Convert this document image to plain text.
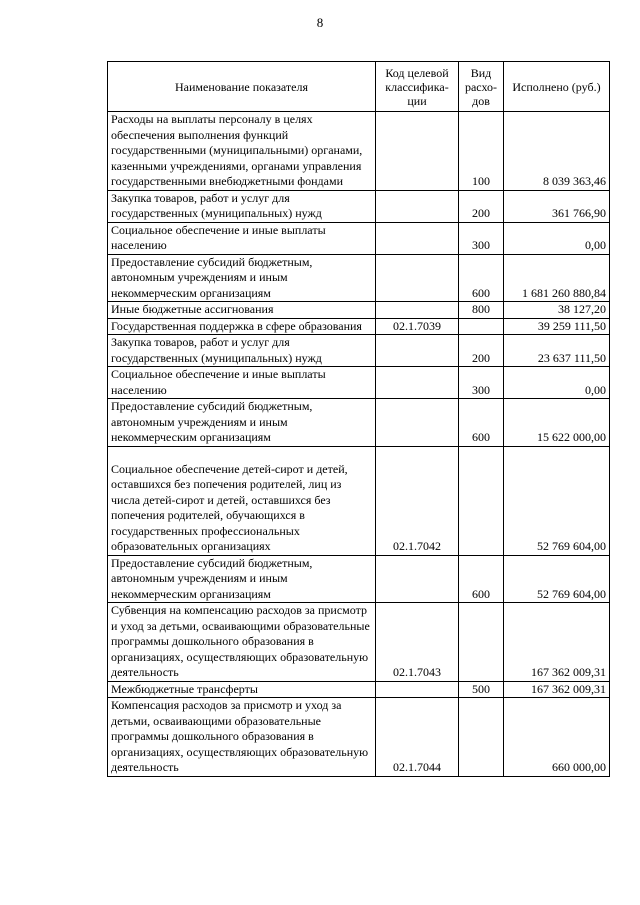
8
Наименование показателя	Код целевой классифика-ции	Вид расхо-дов	Исполнено (руб.)
Расходы на выплаты персоналу в целях обеспечения выполнения функций государственными (муниципальными) органами, казенными учреждениями, органами управления государственными внебюджетными фондами		100	8 039 363,46
Закупка товаров, работ и услуг для государственных (муниципальных) нужд		200	361 766,90
Социальное обеспечение и иные выплаты населению		300	0,00
Предоставление субсидий бюджетным, автономным учреждениям и иным некоммерческим организациям		600	1 681 260 880,84
Иные бюджетные ассигнования		800	38 127,20
Государственная поддержка в сфере образования	02.1.7039		39 259 111,50
Закупка товаров, работ и услуг для государственных (муниципальных) нужд		200	23 637 111,50
Социальное обеспечение и иные выплаты населению		300	0,00
Предоставление субсидий бюджетным, автономным учреждениям и иным некоммерческим организациям		600	15 622 000,00
Социальное обеспечение детей-сирот и детей, оставшихся без попечения родителей, лиц из числа детей-сирот и детей, оставшихся без попечения родителей, обучающихся в государственных профессиональных образовательных организациях	02.1.7042		52 769 604,00
Предоставление субсидий бюджетным, автономным учреждениям и иным некоммерческим организациям		600	52 769 604,00
Субвенция на компенсацию расходов за присмотр и уход за детьми, осваивающими образовательные программы дошкольного образования в организациях, осуществляющих образовательную деятельность	02.1.7043		167 362 009,31
Межбюджетные трансферты		500	167 362 009,31
Компенсация расходов за присмотр и уход за детьми, осваивающими образовательные программы дошкольного образования в организациях, осуществляющих образовательную деятельность	02.1.7044		660 000,00
